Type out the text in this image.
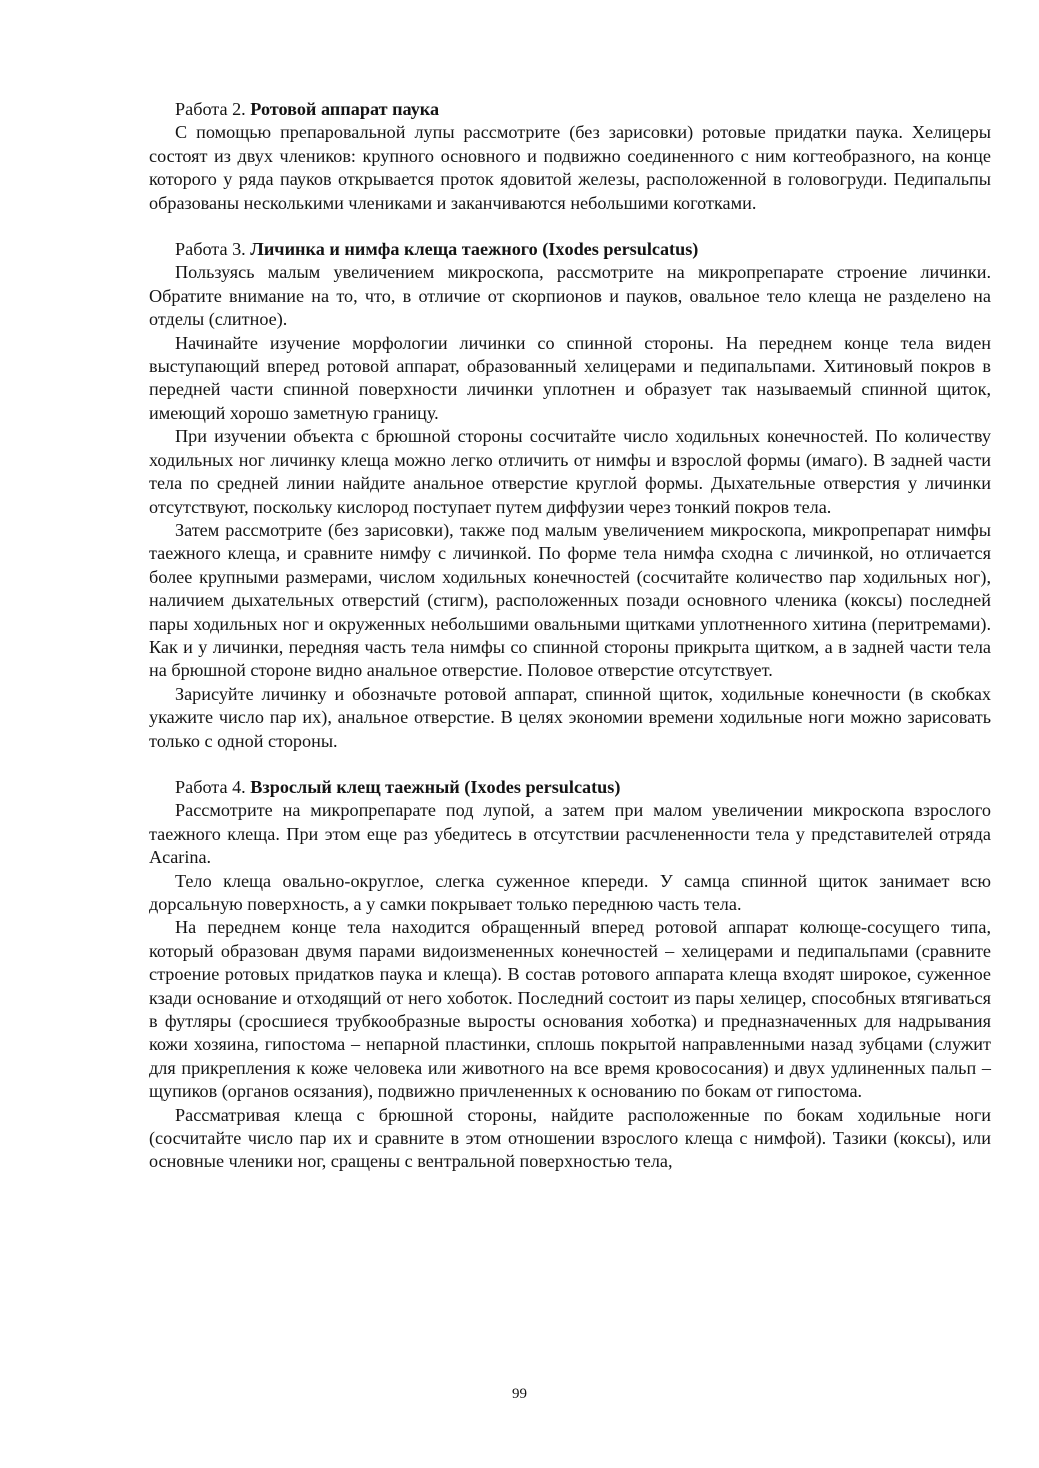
Работа 2. Ротовой аппарат паука

С помощью препаровальной лупы рассмотрите (без зарисовки) ротовые придатки паука. Хелицеры состоят из двух члеников: крупного основного и подвижно соединенного с ним когтеобразного, на конце которого у ряда пауков открывается проток ядовитой железы, расположенной в головогруди. Педипальпы образованы несколькими члениками и заканчиваются небольшими коготками.

Работа 3. Личинка и нимфа клеща таежного (Ixodes persulcatus)

Пользуясь малым увеличением микроскопа, рассмотрите на микропрепарате строение личинки. Обратите внимание на то, что, в отличие от скорпионов и пауков, овальное тело клеща не разделено на отделы (слитное).

Начинайте изучение морфологии личинки со спинной стороны. На переднем конце тела виден выступающий вперед ротовой аппарат, образованный хелицерами и педипальпами. Хитиновый покров в передней части спинной поверхности личинки уплотнен и образует так называемый спинной щиток, имеющий хорошо заметную границу.

При изучении объекта с брюшной стороны сосчитайте число ходильных конечностей. По количеству ходильных ног личинку клеща можно легко отличить от нимфы и взрослой формы (имаго). В задней части тела по средней линии найдите анальное отверстие круглой формы. Дыхательные отверстия у личинки отсутствуют, поскольку кислород поступает путем диффузии через тонкий покров тела.

Затем рассмотрите (без зарисовки), также под малым увеличением микроскопа, микропрепарат нимфы таежного клеща, и сравните нимфу с личинкой. По форме тела нимфа сходна с личинкой, но отличается более крупными размерами, числом ходильных конечностей (сосчитайте количество пар ходильных ног), наличием дыхательных отверстий (стигм), расположенных позади основного членика (коксы) последней пары ходильных ног и окруженных небольшими овальными щитками уплотненного хитина (перитремами). Как и у личинки, передняя часть тела нимфы со спинной стороны прикрыта щитком, а в задней части тела на брюшной стороне видно анальное отверстие. Половое отверстие отсутствует.

Зарисуйте личинку и обозначьте ротовой аппарат, спинной щиток, ходильные конечности (в скобках укажите число пар их), анальное отверстие. В целях экономии времени ходильные ноги можно зарисовать только с одной стороны.

Работа 4. Взрослый клещ таежный (Ixodes persulcatus)

Рассмотрите на микропрепарате под лупой, а затем при малом увеличении микроскопа взрослого таежного клеща. При этом еще раз убедитесь в отсутствии расчлененности тела у представителей отряда Acarina.

Тело клеща овально-округлое, слегка суженное кпереди. У самца спинной щиток занимает всю дорсальную поверхность, а у самки покрывает только переднюю часть тела.

На переднем конце тела находится обращенный вперед ротовой аппарат колюще-сосущего типа, который образован двумя парами видоизмененных конечностей – хелицерами и педипальпами (сравните строение ротовых придатков паука и клеща). В состав ротового аппарата клеща входят широкое, суженное кзади основание и отходящий от него хоботок. Последний состоит из пары хелицер, способных втягиваться в футляры (сросшиеся трубкообразные выросты основания хоботка) и предназначенных для надрывания кожи хозяина, гипостома – непарной пластинки, сплошь покрытой направленными назад зубцами (служит для прикрепления к коже человека или животного на все время кровососания) и двух удлиненных пальп – щупиков (органов осязания), подвижно причлененных к основанию по бокам от гипостома.

Рассматривая клеща с брюшной стороны, найдите расположенные по бокам ходильные ноги (сосчитайте число пар их и сравните в этом отношении взрослого клеща с нимфой). Тазики (коксы), или основные членики ног, сращены с вентральной поверхностью тела,

99
